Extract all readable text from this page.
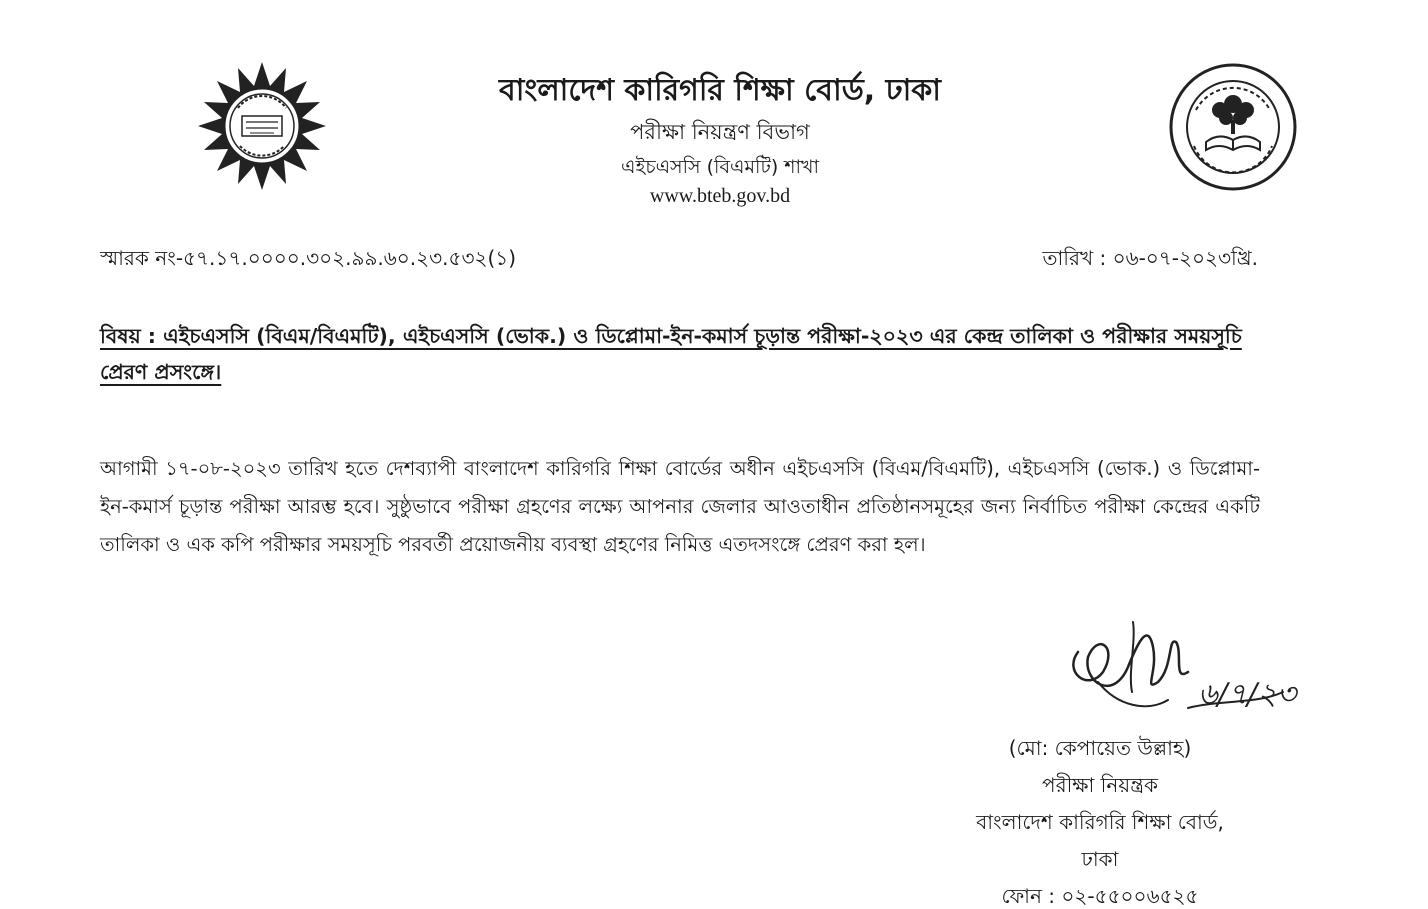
বাংলাদেশ কারিগরি শিক্ষা বোর্ড, ঢাকা
পরীক্ষা নিয়ন্ত্রণ বিভাগ
এইচএসসি (বিএমটি) শাখা
www.bteb.gov.bd
স্মারক নং-৫৭.১৭.০০০০.৩০২.৯৯.৬০.২৩.৫৩২(১)	তারিখ : ০৬-০৭-২০২৩খ্রি.
বিষয় : এইচএসসি (বিএম/বিএমটি), এইচএসসি (ভোক.) ও ডিপ্লোমা-ইন-কমার্স চূড়ান্ত পরীক্ষা-২০২৩ এর কেন্দ্র তালিকা ও পরীক্ষার সময়সূচি প্রেরণ প্রসংঙ্গে।
আগামী ১৭-০৮-২০২৩ তারিখ হতে দেশব্যাপী বাংলাদেশ কারিগরি শিক্ষা বোর্ডের অধীন এইচএসসি (বিএম/বিএমটি), এইচএসসি (ভোক.) ও ডিপ্লোমা-ইন-কমার্স চূড়ান্ত পরীক্ষা আরম্ভ হবে। সুষ্ঠুভাবে পরীক্ষা গ্রহণের লক্ষ্যে আপনার জেলার আওতাধীন প্রতিষ্ঠানসমূহের জন্য নির্বাচিত পরীক্ষা কেন্দ্রের একটি তালিকা ও এক কপি পরীক্ষার সময়সূচি পরবর্তী প্রয়োজনীয় ব্যবস্থা গ্রহণের নিমিত্ত এতদসংঙ্গে প্রেরণ করা হল।
৬/৭/২৩
(মো: কেপায়েত উল্লাহ)
পরীক্ষা নিয়ন্ত্রক
বাংলাদেশ কারিগরি শিক্ষা বোর্ড,
ঢাকা
ফোন : ০২-৫৫০০৬৫২৫
